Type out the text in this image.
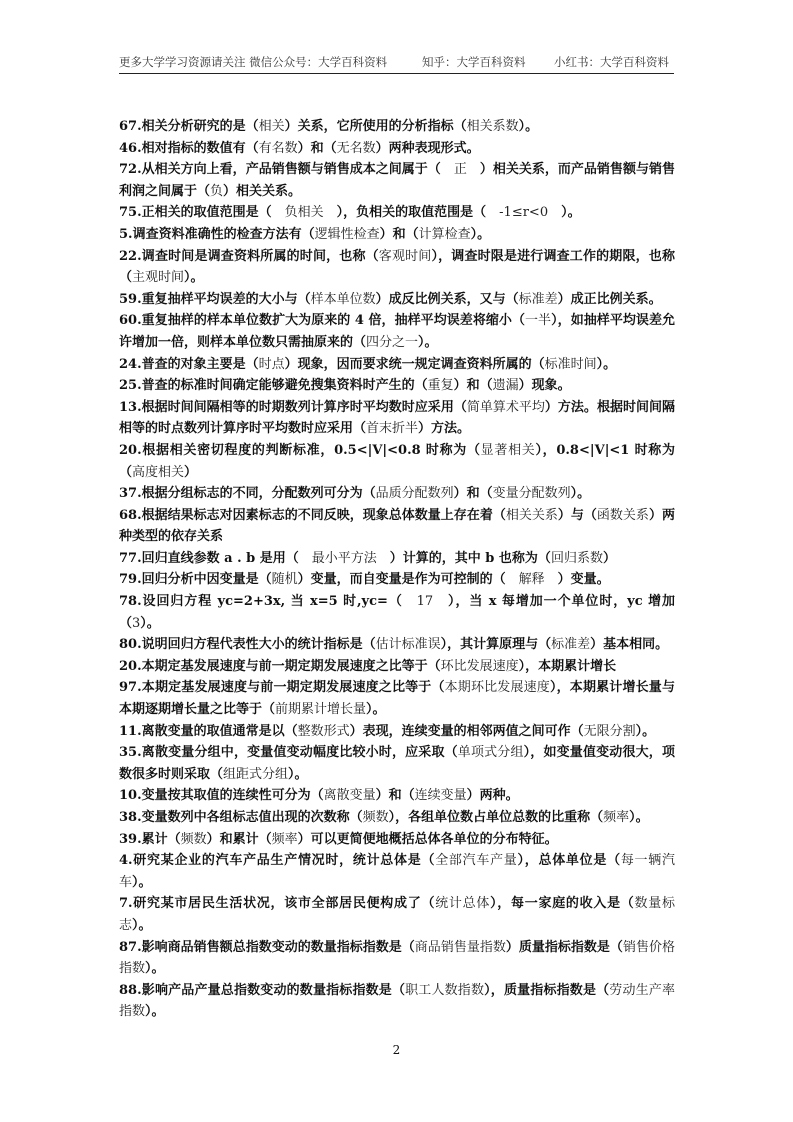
更多大学学习资源请关注 微信公众号：大学百科资料	知乎：大学百科资料 小红书：大学百科资料
67.相关分析研究的是（相关）关系，它所使用的分析指标（相关系数）。
46.相对指标的数值有（有名数）和（无名数）两种表现形式。
72.从相关方向上看，产品销售额与销售成本之间属于（　正　）相关关系，而产品销售额与销售利润之间属于（负）相关关系。
75.正相关的取值范围是（　负相关　），负相关的取值范围是（　-1≤r<0　）。
5.调查资料准确性的检查方法有（逻辑性检查）和（计算检查）。
22.调查时间是调查资料所属的时间，也称（客观时间），调查时限是进行调查工作的期限，也称（主观时间）。
59.重复抽样平均误差的大小与（样本单位数）成反比例关系，又与（标准差）成正比例关系。
60.重复抽样的样本单位数扩大为原来的 4 倍，抽样平均误差将缩小（一半），如抽样平均误差允许增加一倍，则样本单位数只需抽原来的（四分之一）。
24.普查的对象主要是（时点）现象，因而要求统一规定调查资料所属的（标准时间）。
25.普查的标准时间确定能够避免搜集资料时产生的（重复）和（遗漏）现象。
13.根据时间间隔相等的时期数列计算序时平均数时应采用（简单算术平均）方法。根据时间间隔相等的时点数列计算序时平均数时应采用（首末折半）方法。
20.根据相关密切程度的判断标准，0.5<|V|<0.8 时称为（显著相关），0.8<|V|<1 时称为（高度相关）
37.根据分组标志的不同，分配数列可分为（品质分配数列）和（变量分配数列）。
68.根据结果标志对因素标志的不同反映，现象总体数量上存在着（相关关系）与（函数关系）两种类型的依存关系
77.回归直线参数 a . b 是用（　最小平方法　）计算的，其中 b 也称为（回归系数）
79.回归分析中因变量是（随机）变量，而自变量是作为可控制的（　解释　）变量。
78.设回归方程 yc=2+3x, 当 x=5 时,yc=（　17　），当 x 每增加一个单位时，yc 增加（3）。
80.说明回归方程代表性大小的统计指标是（估计标准误），其计算原理与（标准差）基本相同。
20.本期定基发展速度与前一期定期发展速度之比等于（环比发展速度），本期累计增长
97.本期定基发展速度与前一期定期发展速度之比等于（本期环比发展速度），本期累计增长量与本期逐期增长量之比等于（前期累计增长量）。
11.离散变量的取值通常是以（整数形式）表现，连续变量的相邻两值之间可作（无限分割）。
35.离散变量分组中，变量值变动幅度比较小时，应采取（单项式分组），如变量值变动很大，项数很多时则采取（组距式分组）。
10.变量按其取值的连续性可分为（离散变量）和（连续变量）两种。
38.变量数列中各组标志值出现的次数称（频数），各组单位数占单位总数的比重称（频率）。
39.累计（频数）和累计（频率）可以更简便地概括总体各单位的分布特征。
4.研究某企业的汽车产品生产情况时，统计总体是（全部汽车产量），总体单位是（每一辆汽车）。
7.研究某市居民生活状况，该市全部居民便构成了（统计总体），每一家庭的收入是（数量标志）。
87.影响商品销售额总指数变动的数量指标指数是（商品销售量指数）质量指标指数是（销售价格指数）。
88.影响产品产量总指数变动的数量指标指数是（职工人数指数），质量指标指数是（劳动生产率指数）。
2
